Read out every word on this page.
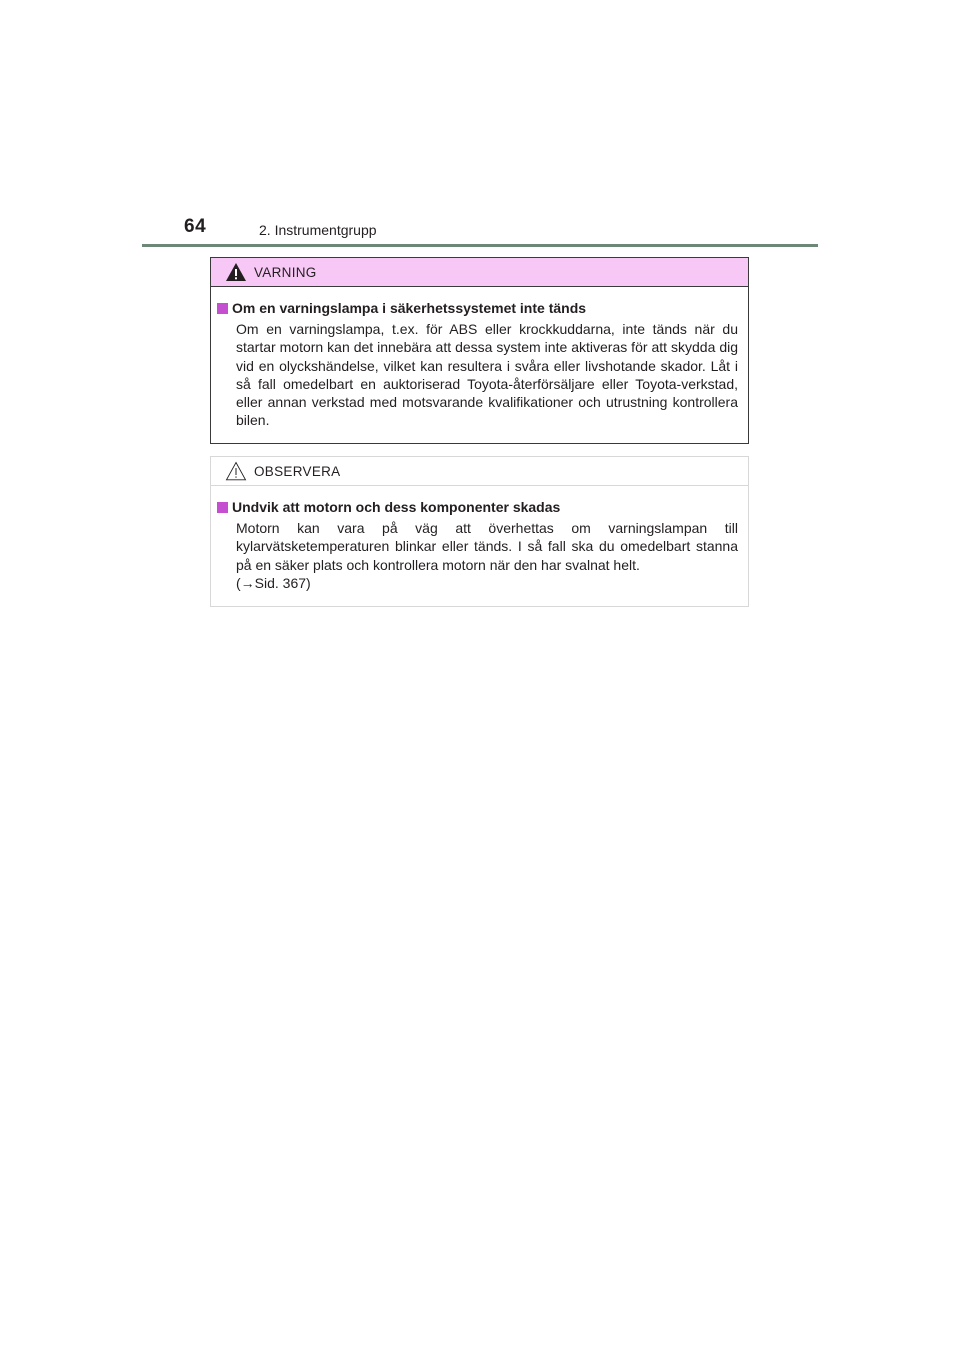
64	2. Instrumentgrupp
VARNING
Om en varningslampa i säkerhetssystemet inte tänds
Om en varningslampa, t.ex. för ABS eller krockkuddarna, inte tänds när du startar motorn kan det innebära att dessa system inte aktiveras för att skydda dig vid en olyckshändelse, vilket kan resultera i svåra eller livshotande skador. Låt i så fall omedelbart en auktoriserad Toyota-återförsäljare eller Toyota-verkstad, eller annan verkstad med motsvarande kvalifikationer och utrustning kontrollera bilen.
OBSERVERA
Undvik att motorn och dess komponenter skadas
Motorn kan vara på väg att överhettas om varningslampan till kylarvätsketemperaturen blinkar eller tänds. I så fall ska du omedelbart stanna på en säker plats och kontrollera motorn när den har svalnat helt.
(→Sid. 367)
